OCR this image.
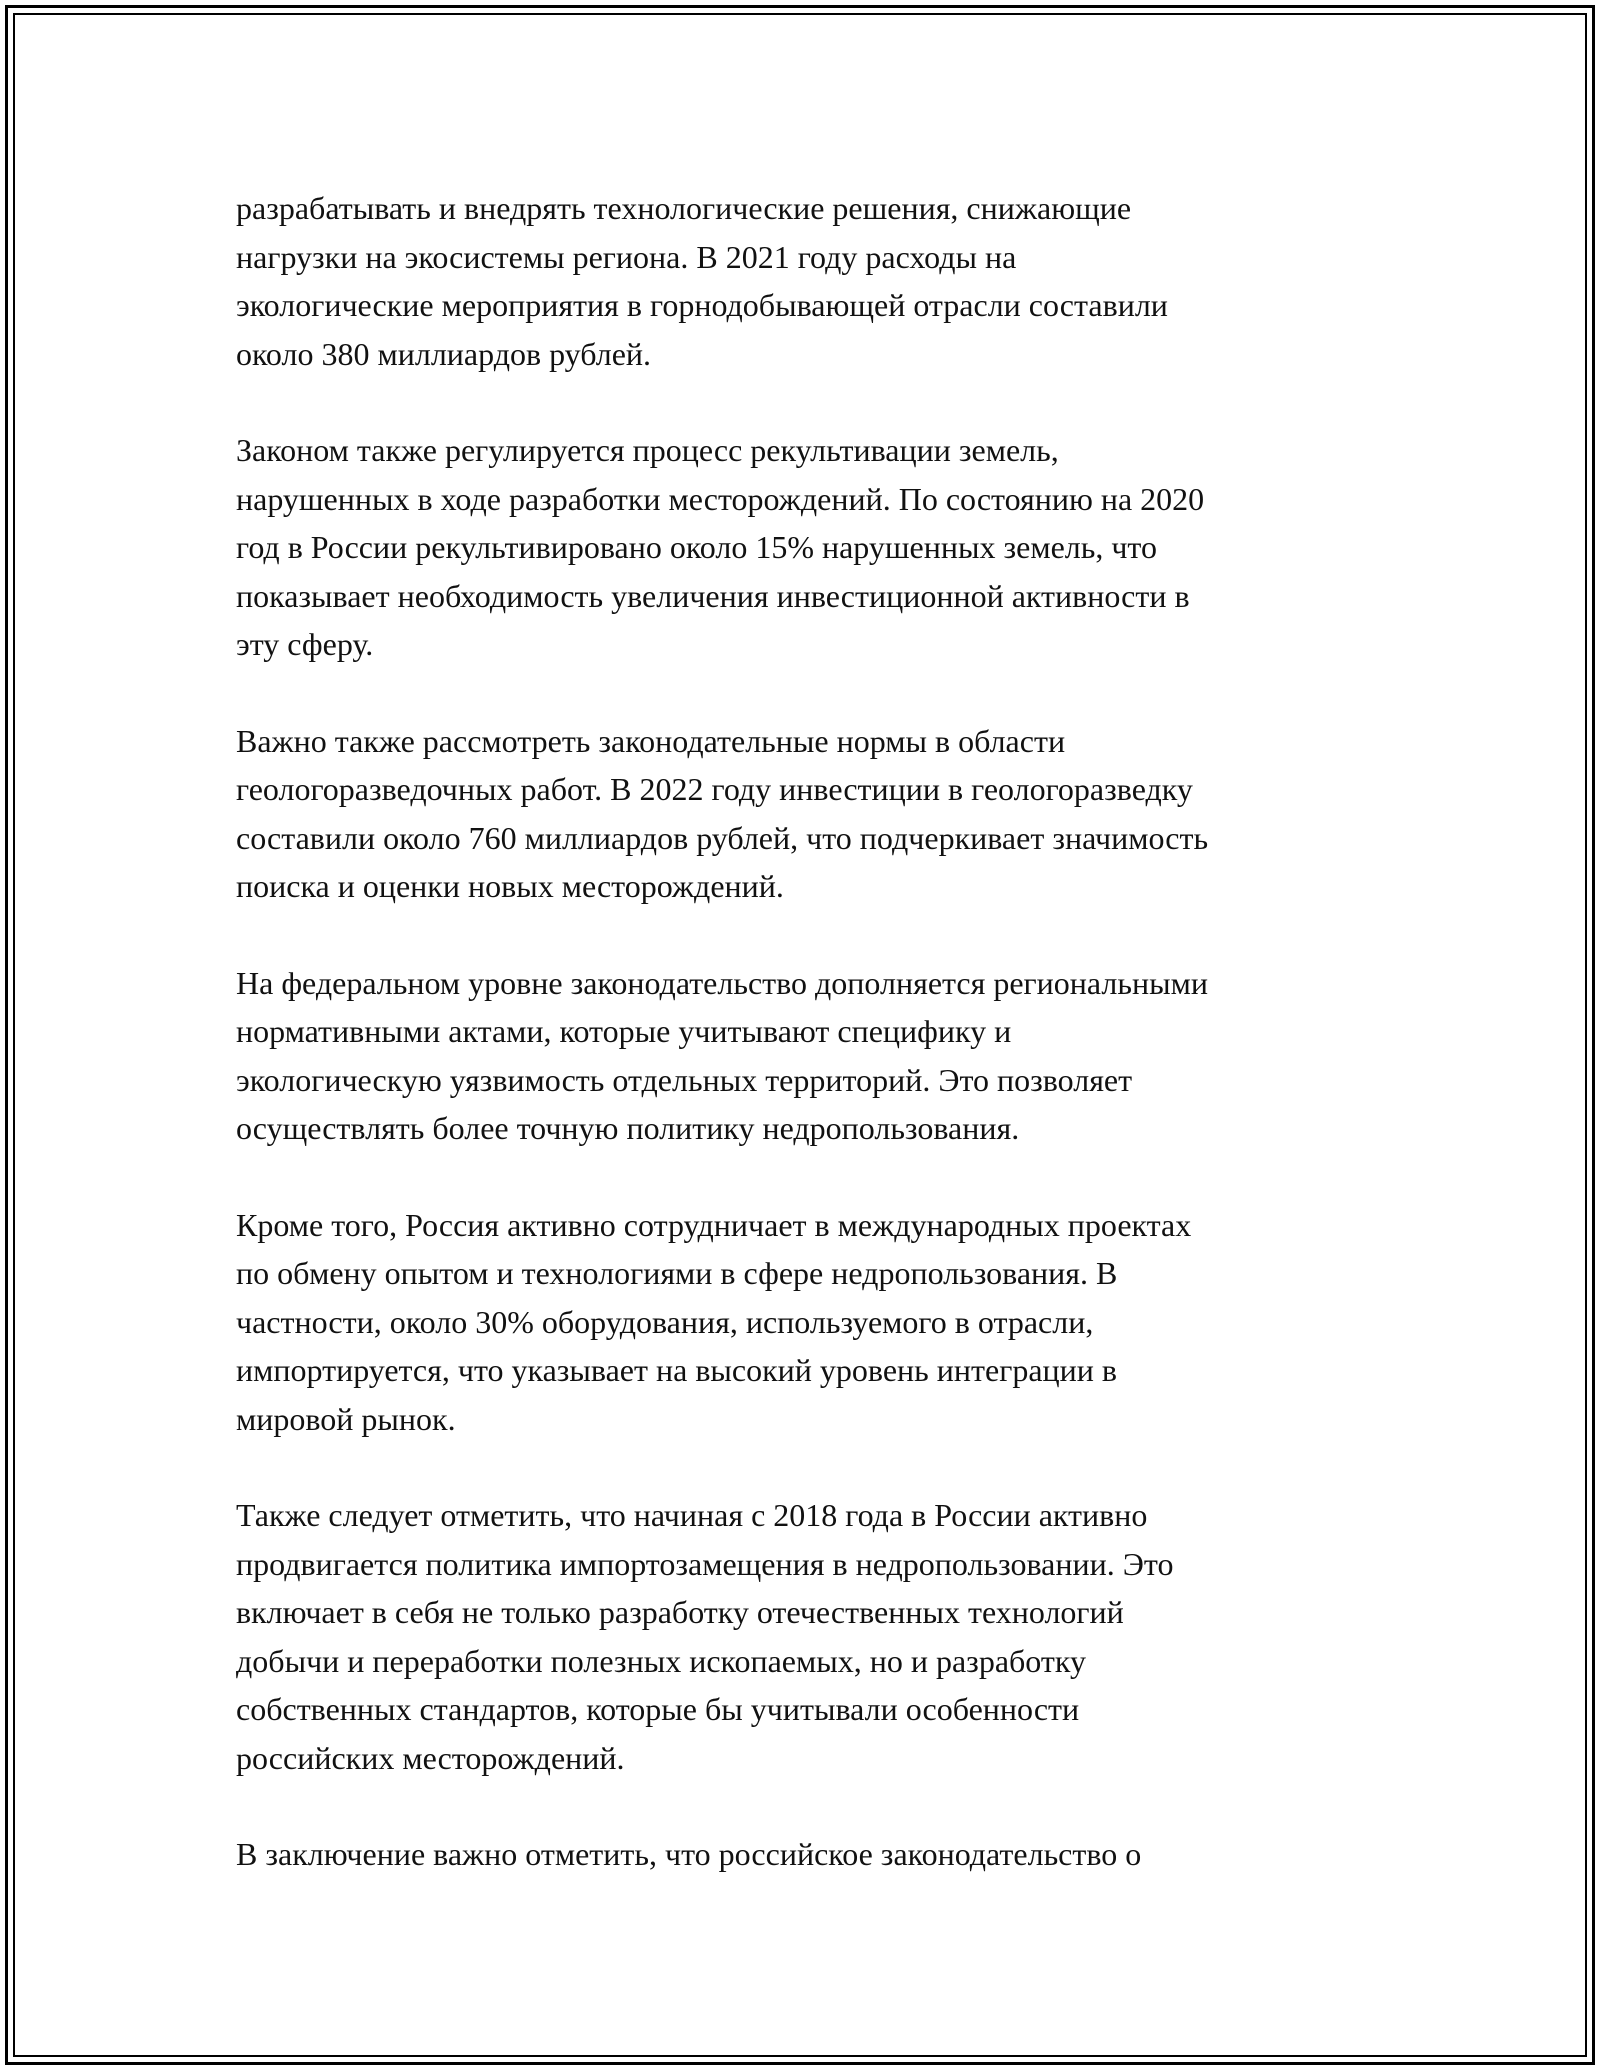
разрабатывать и внедрять технологические решения, снижающие
нагрузки на экосистемы региона. В 2021 году расходы на
экологические мероприятия в горнодобывающей отрасли составили
около 380 миллиардов рублей.

Законом также регулируется процесс рекультивации земель,
нарушенных в ходе разработки месторождений. По состоянию на 2020
год в России рекультивировано около 15% нарушенных земель, что
показывает необходимость увеличения инвестиционной активности в
эту сферу.

Важно также рассмотреть законодательные нормы в области
геологоразведочных работ. В 2022 году инвестиции в геологоразведку
составили около 760 миллиардов рублей, что подчеркивает значимость
поиска и оценки новых месторождений.

На федеральном уровне законодательство дополняется региональными
нормативными актами, которые учитывают специфику и
экологическую уязвимость отдельных территорий. Это позволяет
осуществлять более точную политику недропользования.

Кроме того, Россия активно сотрудничает в международных проектах
по обмену опытом и технологиями в сфере недропользования. В
частности, около 30% оборудования, используемого в отрасли,
импортируется, что указывает на высокий уровень интеграции в
мировой рынок.

Также следует отметить, что начиная с 2018 года в России активно
продвигается политика импортозамещения в недропользовании. Это
включает в себя не только разработку отечественных технологий
добычи и переработки полезных ископаемых, но и разработку
собственных стандартов, которые бы учитывали особенности
российских месторождений.

В заключение важно отметить, что российское законодательство о
